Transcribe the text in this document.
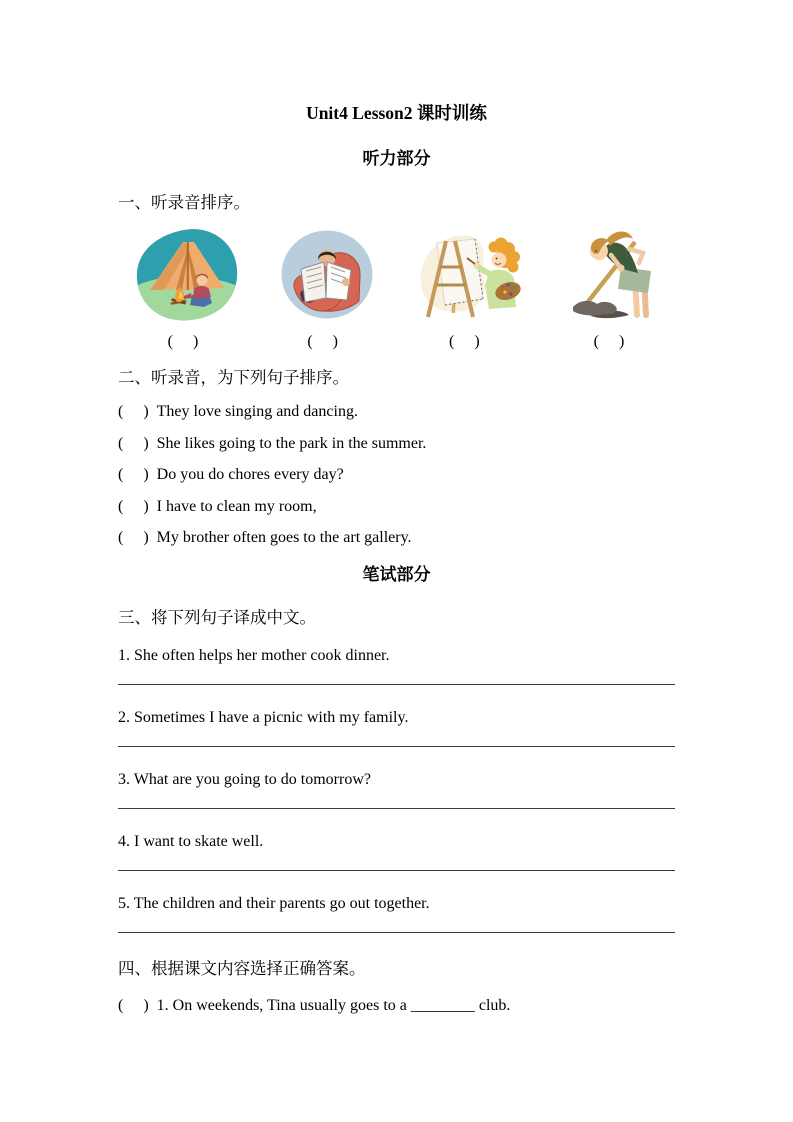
Unit4 Lesson2 课时训练
听力部分
一、听录音排序。
( )	( )	( )	( )
二、听录音，为下列句子排序。
( )They love singing and dancing.
( )She likes going to the park in the summer.
( )Do you do chores every day?
( )I have to clean my room,
( )My brother often goes to the art gallery.
笔试部分
三、将下列句子译成中文。
1. She often helps her mother cook dinner.
2. Sometimes I have a picnic with my family.
3. What are you going to do tomorrow?
4. I want to skate well.
5. The children and their parents go out together.
四、根据课文内容选择正确答案。
( )1. On weekends, Tina usually goes to a ________ club.
